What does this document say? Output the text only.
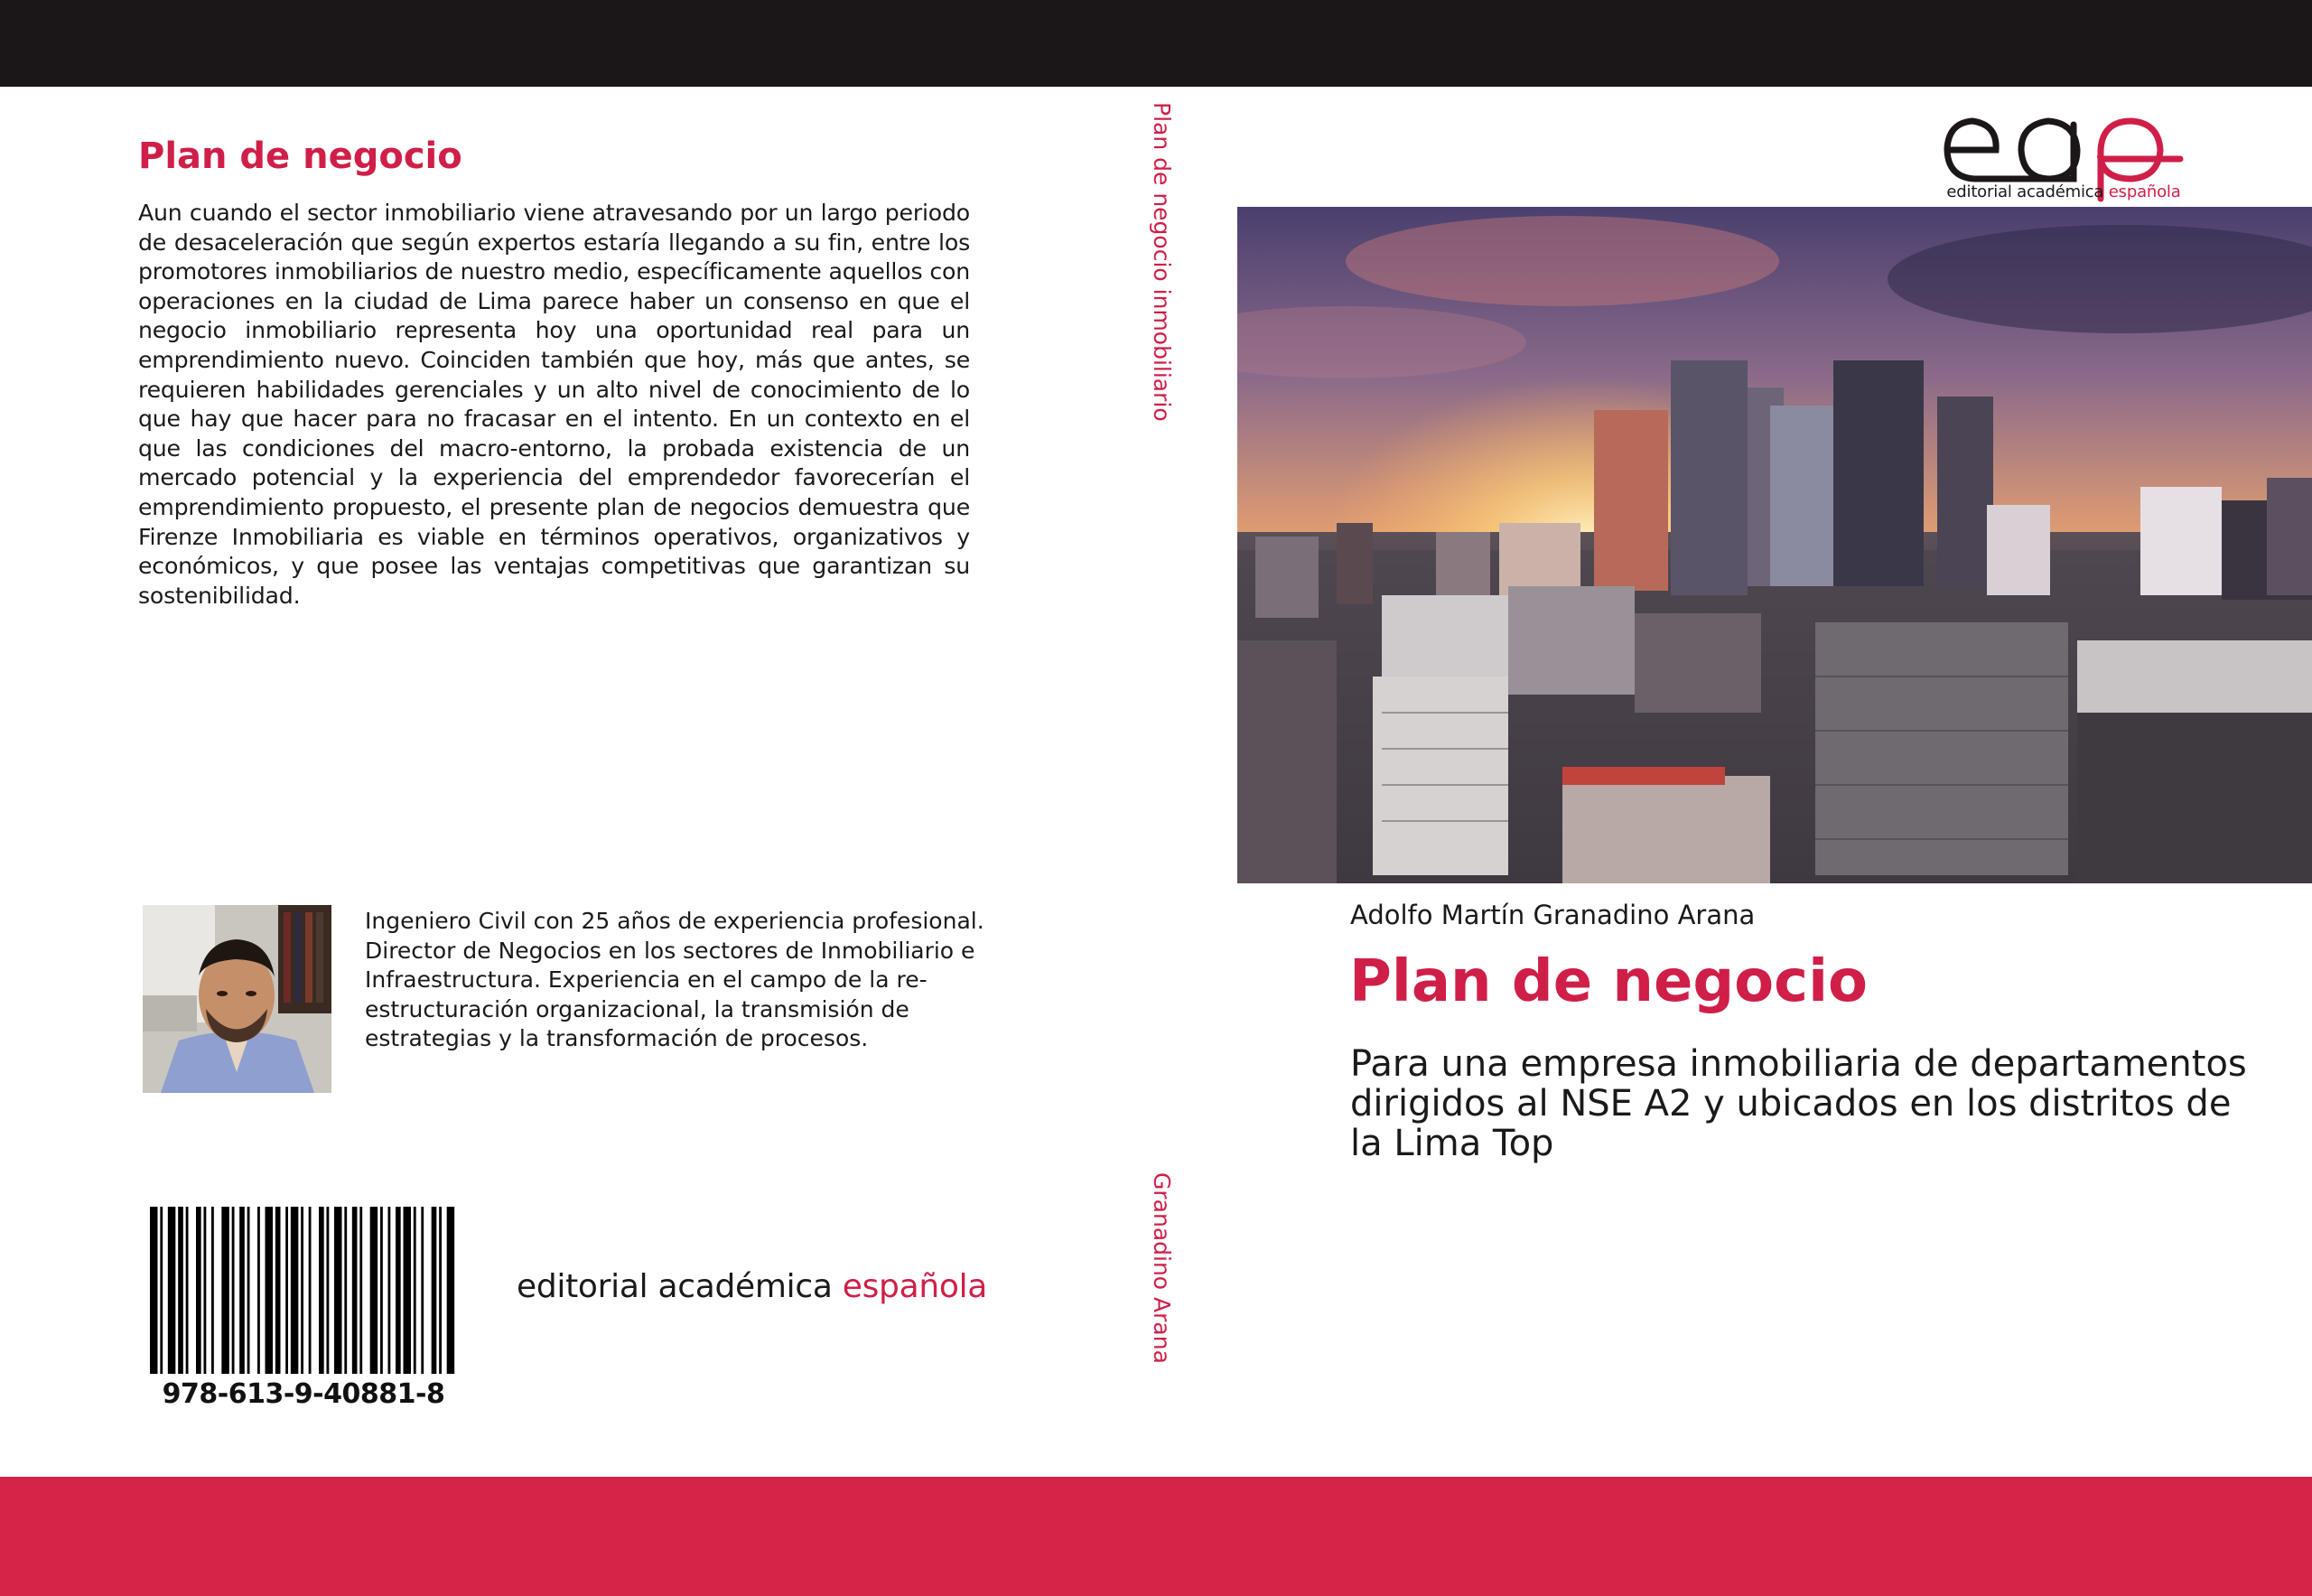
Plan de negocio

Aun cuando el sector inmobiliario viene atravesando por un largo periodo de desaceleración que según expertos estaría llegando a su fin, entre los promotores inmobiliarios de nuestro medio, específicamente aquellos con operaciones en la ciudad de Lima parece haber un consenso en que el negocio inmobiliario representa hoy una oportunidad real para un emprendimiento nuevo. Coinciden también que hoy, más que antes, se requieren habilidades gerenciales y un alto nivel de conocimiento de lo que hay que hacer para no fracasar en el intento. En un contexto en el que las condiciones del macro-entorno, la probada existencia de un mercado potencial y la experiencia del emprendedor favorecerían el emprendimiento propuesto, el presente plan de negocios demuestra que Firenze Inmobiliaria es viable en términos operativos, organizativos y económicos, y que posee las ventajas competitivas que garantizan su sostenibilidad.

Ingeniero Civil con 25 años de experiencia profesional. Director de Negocios en los sectores de Inmobiliario e Infraestructura. Experiencia en el campo de la re-estructuración organizacional, la transmisión de estrategias y la transformación de procesos.

978-613-9-40881-8

editorial académica española

Plan de negocio inmobiliario
Granadino Arana
editorial académica española

Adolfo Martín Granadino Arana

Plan de negocio

Para una empresa inmobiliaria de departamentos dirigidos al NSE A2 y ubicados en los distritos de la Lima Top
